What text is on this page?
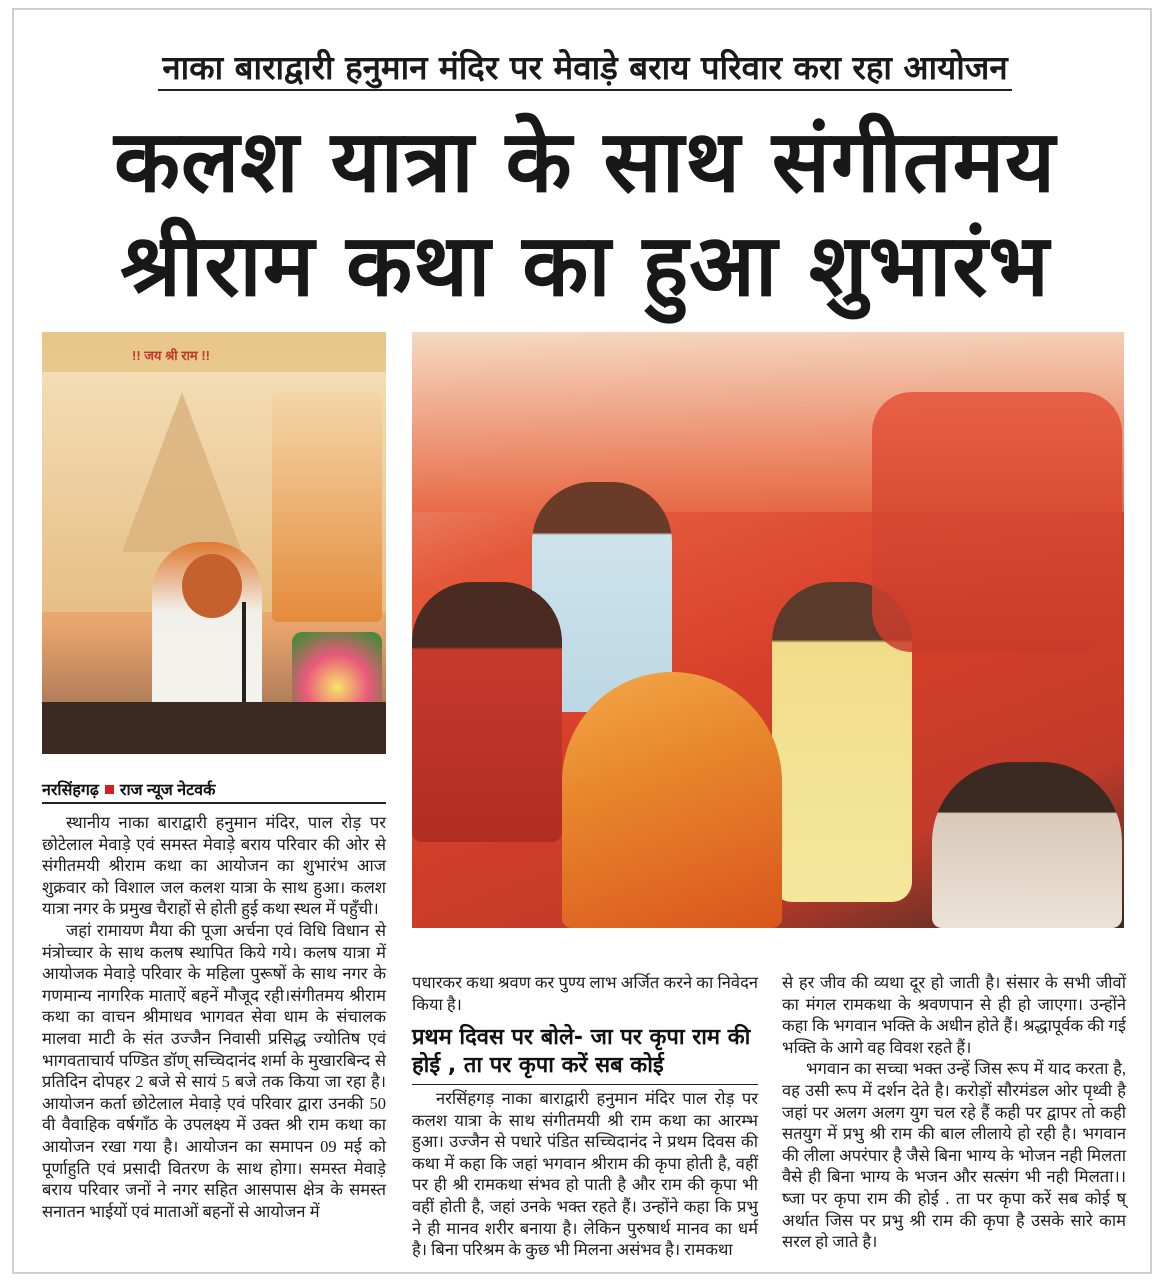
नाका बाराद्वारी हनुमान मंदिर पर मेवाड़े बराय परिवार करा रहा आयोजन
कलश यात्रा के साथ संगीतमय
श्रीराम कथा का हुआ शुभारंभ
!! जय श्री राम !!
नरसिंहगढ़ राज न्यूज नेटवर्क

स्थानीय नाका बाराद्वारी हनुमान मंदिर, पाल रोड़ पर छोटेलाल मेवाड़े एवं समस्त मेवाड़े बराय परिवार की ओर से संगीतमयी श्रीराम कथा का आयोजन का शुभारंभ आज शुक्रवार को विशाल जल कलश यात्रा के साथ हुआ। कलश यात्रा नगर के प्रमुख चैराहों से होती हुई कथा स्थल में पहुँची।

जहां रामायण मैया की पूजा अर्चना एवं विधि विधान से मंत्रोच्चार के साथ कलष स्थापित किये गये। कलष यात्रा में आयोजक मेवाड़े परिवार के महिला पुरूषों के साथ नगर के गणमान्य नागरिक माताऐं बहनें मौजूद रही।संगीतमय श्रीराम कथा का वाचन श्रीमाधव भागवत सेवा धाम के संचालक मालवा माटी के संत उज्जैन निवासी प्रसिद्ध ज्योतिष एवं भागवताचार्य पण्डित डॉण् सच्चिदानंद शर्मा के मुखारबिन्द से प्रतिदिन दोपहर 2 बजे से सायं 5 बजे तक किया जा रहा है। आयोजन कर्ता छोटेलाल मेवाड़े एवं परिवार द्वारा उनकी 50 वी वैवाहिक वर्षगाँठ के उपलक्ष्य में उक्त श्री राम कथा का आयोजन रखा गया है। आयोजन का समापन 09 मई को पूर्णाहुति एवं प्रसादी वितरण के साथ होगा। समस्त मेवाड़े बराय परिवार जनों ने नगर सहित आसपास क्षेत्र के समस्त सनातन भाईयों एवं माताओं बहनों से आयोजन में

पधारकर कथा श्रवण कर पुण्य लाभ अर्जित करने का निवेदन किया है।

प्रथम दिवस पर बोले- जा पर कृपा राम की होई , ता पर कृपा करें सब कोई

नरसिंहगड़ नाका बाराद्वारी हनुमान मंदिर पाल रोड़ पर कलश यात्रा के साथ संगीतमयी श्री राम कथा का आरम्भ हुआ। उज्जैन से पधारे पंडित सच्चिदानंद ने प्रथम दिवस की कथा में कहा कि जहां भगवान श्रीराम की कृपा होती है, वहीं पर ही श्री रामकथा संभव हो पाती है और राम की कृपा भी वहीं होती है, जहां उनके भक्त रहते हैं। उन्होंने कहा कि प्रभु ने ही मानव शरीर बनाया है। लेकिन पुरुषार्थ मानव का धर्म है। बिना परिश्रम के कुछ भी मिलना असंभव है। रामकथा

से हर जीव की व्यथा दूर हो जाती है। संसार के सभी जीवों का मंगल रामकथा के श्रवणपान से ही हो जाएगा। उन्होंने कहा कि भगवान भक्ति के अधीन होते हैं। श्रद्धापूर्वक की गई भक्ति के आगे वह विवश रहते हैं।

भगवान का सच्चा भक्त उन्हें जिस रूप में याद करता है, वह उसी रूप में दर्शन देते है। करोड़ों सौरमंडल ओर पृथ्वी है जहां पर अलग अलग युग चल रहे हैं कही पर द्वापर तो कही सतयुग में प्रभु श्री राम की बाल लीलाये हो रही है। भगवान की लीला अपरंपार है जैसे बिना भाग्य के भोजन नही मिलता वैसे ही बिना भाग्य के भजन और सत्संग भी नही मिलता।। ष्जा पर कृपा राम की होई . ता पर कृपा करें सब कोई ष् अर्थात जिस पर प्रभु श्री राम की कृपा है उसके सारे काम सरल हो जाते है।
